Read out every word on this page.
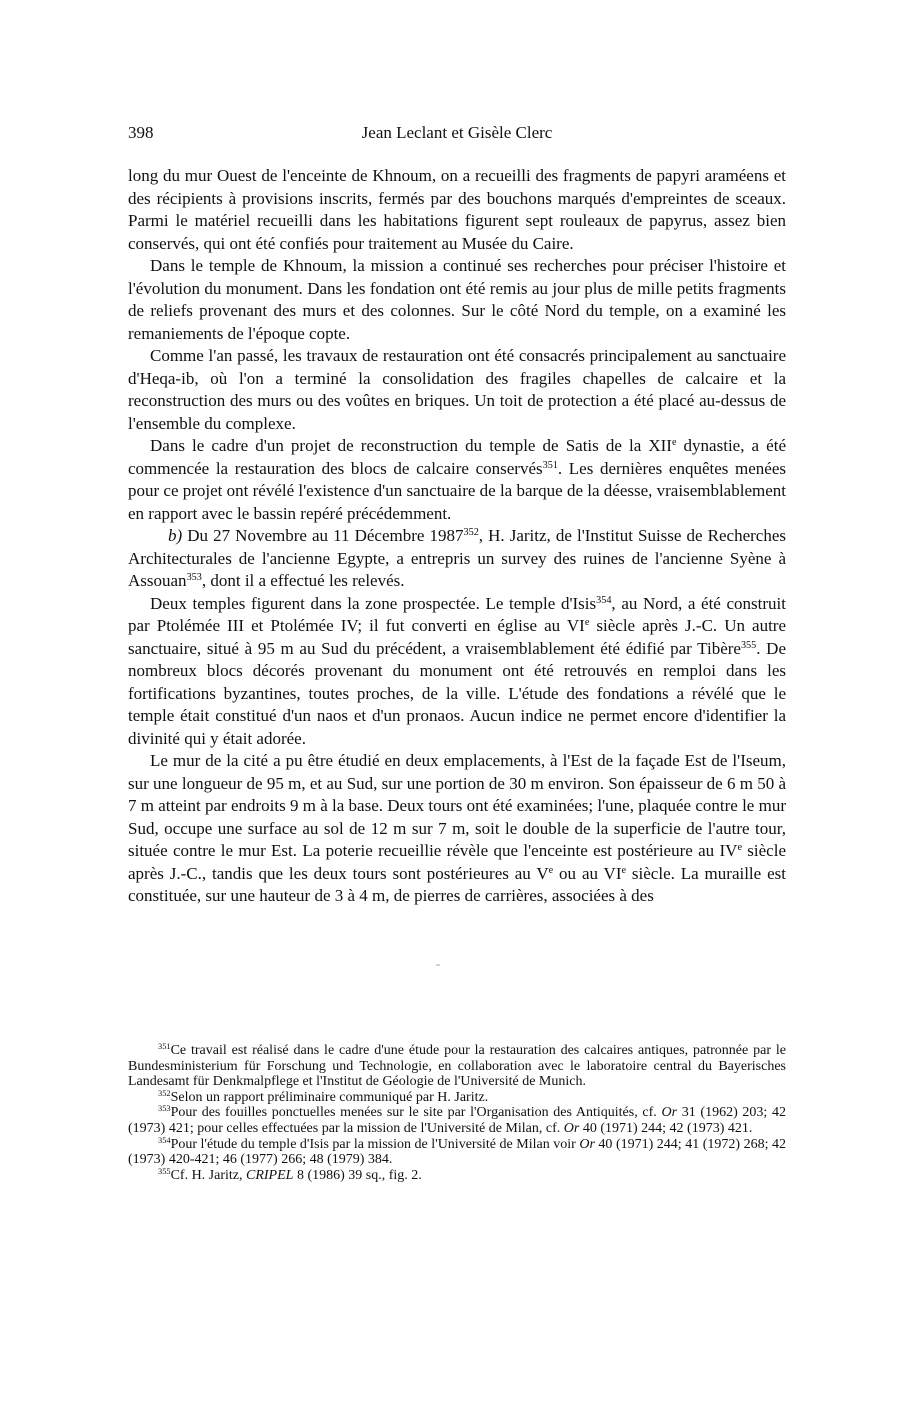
398	Jean Leclant et Gisèle Clerc

long du mur Ouest de l'enceinte de Khnoum, on a recueilli des fragments de papyri araméens et des récipients à provisions inscrits, fermés par des bouchons marqués d'empreintes de sceaux. Parmi le matériel recueilli dans les habitations figurent sept rouleaux de papyrus, assez bien conservés, qui ont été confiés pour traitement au Musée du Caire.

Dans le temple de Khnoum, la mission a continué ses recherches pour préciser l'histoire et l'évolution du monument. Dans les fondation ont été remis au jour plus de mille petits fragments de reliefs provenant des murs et des colonnes. Sur le côté Nord du temple, on a examiné les remaniements de l'époque copte.

Comme l'an passé, les travaux de restauration ont été consacrés principalement au sanctuaire d'Heqa-ib, où l'on a terminé la consolidation des fragiles chapelles de calcaire et la reconstruction des murs ou des voûtes en briques. Un toit de protection a été placé au-dessus de l'ensemble du complexe.

Dans le cadre d'un projet de reconstruction du temple de Satis de la XIIe dynastie, a été commencée la restauration des blocs de calcaire conservés$^{351}$. Les dernières enquêtes menées pour ce projet ont révélé l'existence d'un sanctuaire de la barque de la déesse, vraisemblablement en rapport avec le bassin repéré précédemment.

b) Du 27 Novembre au 11 Décembre 1987$^{352}$, H. Jaritz, de l'Institut Suisse de Recherches Architecturales de l'ancienne Egypte, a entrepris un survey des ruines de l'ancienne Syène à Assouan$^{353}$, dont il a effectué les relevés.

Deux temples figurent dans la zone prospectée. Le temple d'Isis$^{354}$, au Nord, a été construit par Ptolémée III et Ptolémée IV; il fut converti en église au VIe siècle après J.-C. Un autre sanctuaire, situé à 95 m au Sud du précédent, a vraisemblablement été édifié par Tibère$^{355}$. De nombreux blocs décorés provenant du monument ont été retrouvés en remploi dans les fortifications byzantines, toutes proches, de la ville. L'étude des fondations a révélé que le temple était constitué d'un naos et d'un pronaos. Aucun indice ne permet encore d'identifier la divinité qui y était adorée.

Le mur de la cité a pu être étudié en deux emplacements, à l'Est de la façade Est de l'Iseum, sur une longueur de 95 m, et au Sud, sur une portion de 30 m environ. Son épaisseur de 6 m 50 à 7 m atteint par endroits 9 m à la base. Deux tours ont été examinées; l'une, plaquée contre le mur Sud, occupe une surface au sol de 12 m sur 7 m, soit le double de la superficie de l'autre tour, située contre le mur Est. La poterie recueillie révèle que l'enceinte est postérieure au IVe siècle après J.-C., tandis que les deux tours sont postérieures au Ve ou au VIe siècle. La muraille est constituée, sur une hauteur de 3 à 4 m, de pierres de carrières, associées à des

$^{351}$Ce travail est réalisé dans le cadre d'une étude pour la restauration des calcaires antiques, patronnée par le Bundesministerium für Forschung und Technologie, en collaboration avec le laboratoire central du Bayerisches Landesamt für Denkmalpflege et l'Institut de Géologie de l'Université de Munich.

$^{352}$Selon un rapport préliminaire communiqué par H. Jaritz.

$^{353}$Pour des fouilles ponctuelles menées sur le site par l'Organisation des Antiquités, cf. Or 31 (1962) 203; 42 (1973) 421; pour celles effectuées par la mission de l'Université de Milan, cf. Or 40 (1971) 244; 42 (1973) 421.

$^{354}$Pour l'étude du temple d'Isis par la mission de l'Université de Milan voir Or 40 (1971) 244; 41 (1972) 268; 42 (1973) 420-421; 46 (1977) 266; 48 (1979) 384.

$^{355}$Cf. H. Jaritz, CRIPEL 8 (1986) 39 sq., fig. 2.
